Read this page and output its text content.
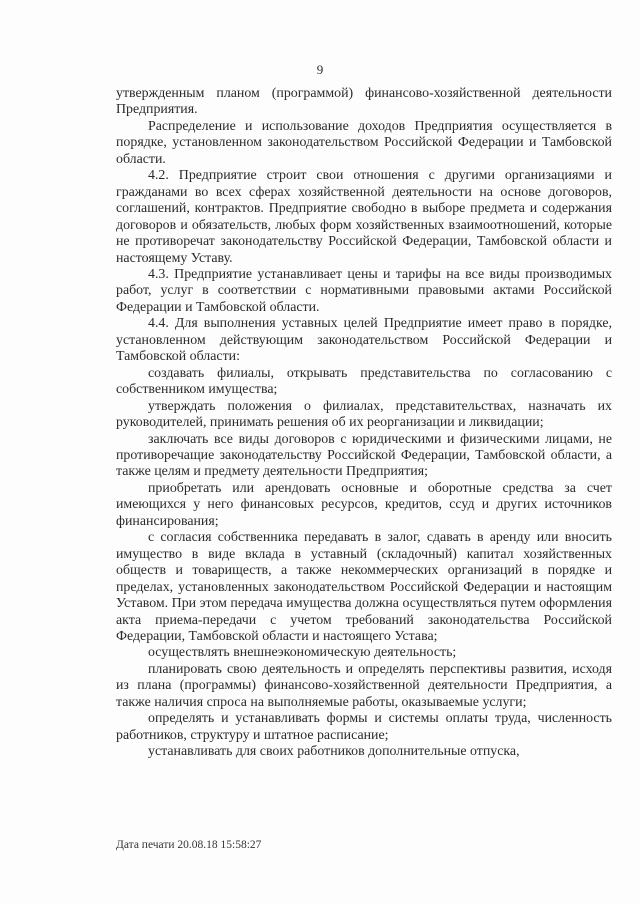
9

утвержденным планом (программой) финансово-хозяйственной деятельности Предприятия.

Распределение и использование доходов Предприятия осуществляется в порядке, установленном законодательством Российской Федерации и Тамбовской области.

4.2. Предприятие строит свои отношения с другими организациями и гражданами во всех сферах хозяйственной деятельности на основе договоров, соглашений, контрактов. Предприятие свободно в выборе предмета и содержания договоров и обязательств, любых форм хозяйственных взаимоотношений, которые не противоречат законодательству Российской Федерации, Тамбовской области и настоящему Уставу.

4.3. Предприятие устанавливает цены и тарифы на все виды производимых работ, услуг в соответствии с нормативными правовыми актами Российской Федерации и Тамбовской области.

4.4. Для выполнения уставных целей Предприятие имеет право в порядке, установленном действующим законодательством Российской Федерации и Тамбовской области:

создавать филиалы, открывать представительства по согласованию с собственником имущества;

утверждать положения о филиалах, представительствах, назначать их руководителей, принимать решения об их реорганизации и ликвидации;

заключать все виды договоров с юридическими и физическими лицами, не противоречащие законодательству Российской Федерации, Тамбовской области, а также целям и предмету деятельности Предприятия;

приобретать или арендовать основные и оборотные средства за счет имеющихся у него финансовых ресурсов, кредитов, ссуд и других источников финансирования;

с согласия собственника передавать в залог, сдавать в аренду или вносить имущество в виде вклада в уставный (складочный) капитал хозяйственных обществ и товариществ, а также некоммерческих организаций в порядке и пределах, установленных законодательством Российской Федерации и настоящим Уставом. При этом передача имущества должна осуществляться путем оформления акта приема-передачи с учетом требований законодательства Российской Федерации, Тамбовской области и настоящего Устава;

осуществлять внешнеэкономическую деятельность;

планировать свою деятельность и определять перспективы развития, исходя из плана (программы) финансово-хозяйственной деятельности Предприятия, а также наличия спроса на выполняемые работы, оказываемые услуги;

определять и устанавливать формы и системы оплаты труда, численность работников, структуру и штатное расписание;

устанавливать для своих работников дополнительные отпуска,

Дата печати 20.08.18 15:58:27
